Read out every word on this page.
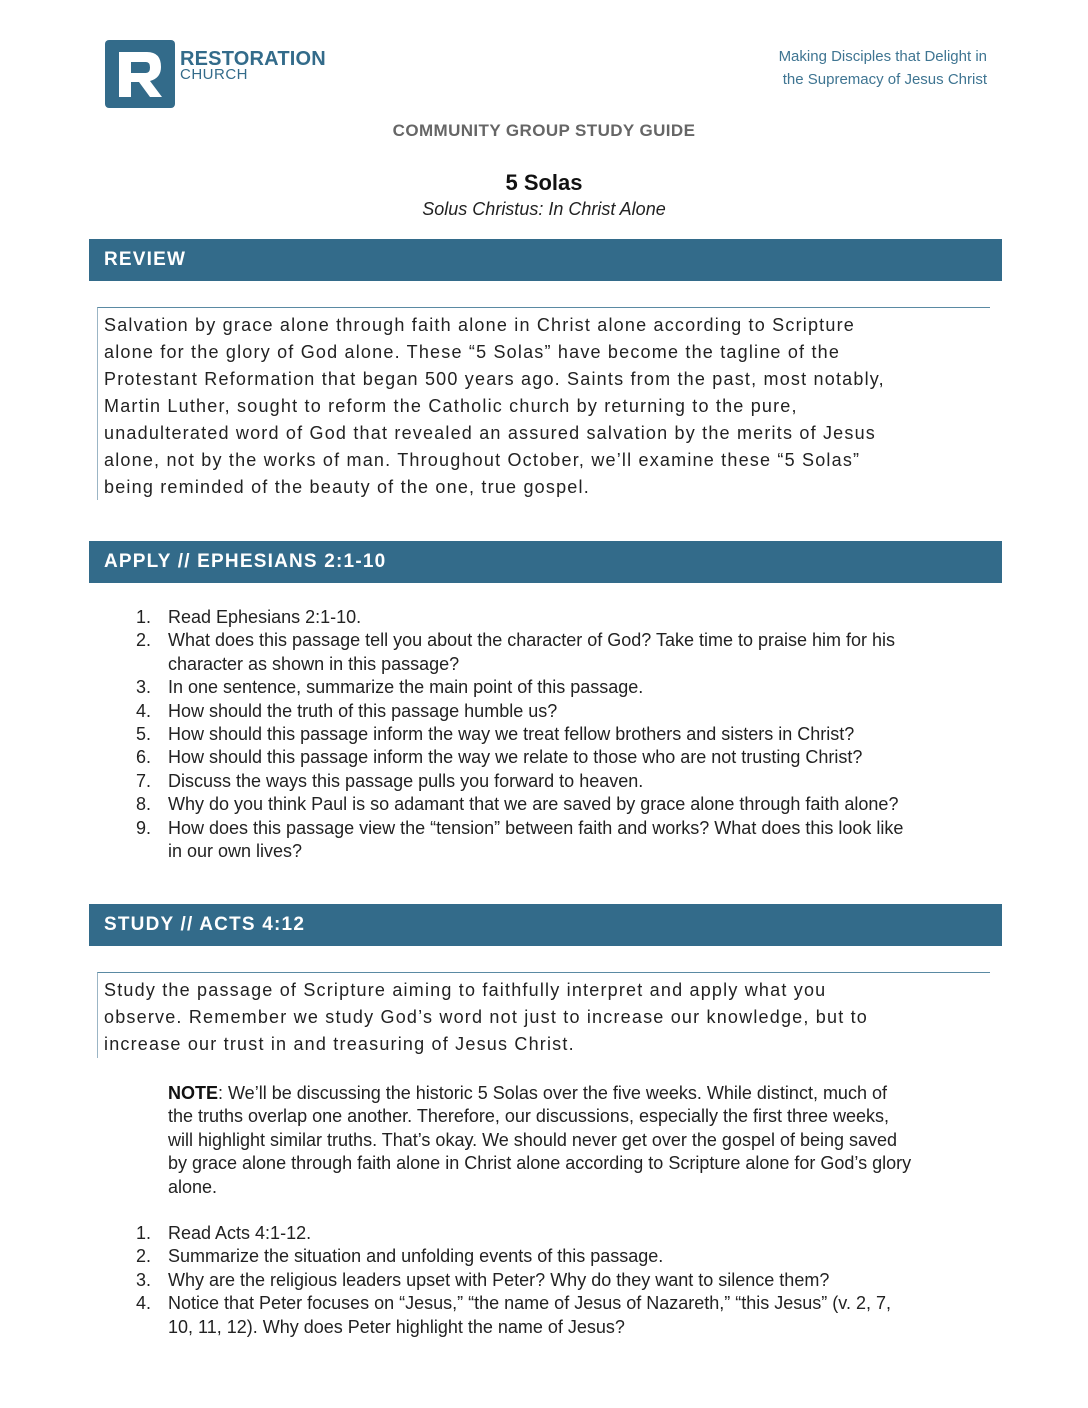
RESTORATION
CHURCH
Making Disciples that Delight in
the Supremacy of Jesus Christ
COMMUNITY GROUP STUDY GUIDE
5 Solas
Solus Christus: In Christ Alone
REVIEW
Salvation by grace alone through faith alone in Christ alone according to Scripture
alone for the glory of God alone. These “5 Solas” have become the tagline of the
Protestant Reformation that began 500 years ago. Saints from the past, most notably,
Martin Luther, sought to reform the Catholic church by returning to the pure,
unadulterated word of God that revealed an assured salvation by the merits of Jesus
alone, not by the works of man. Throughout October, we’ll examine these “5 Solas”
being reminded of the beauty of the one, true gospel.
APPLY // EPHESIANS 2:1-10
1. Read Ephesians 2:1-10.
2. What does this passage tell you about the character of God? Take time to praise him for his
character as shown in this passage?
3. In one sentence, summarize the main point of this passage.
4. How should the truth of this passage humble us?
5. How should this passage inform the way we treat fellow brothers and sisters in Christ?
6. How should this passage inform the way we relate to those who are not trusting Christ?
7. Discuss the ways this passage pulls you forward to heaven.
8. Why do you think Paul is so adamant that we are saved by grace alone through faith alone?
9. How does this passage view the “tension” between faith and works? What does this look like
in our own lives?
STUDY // ACTS 4:12
Study the passage of Scripture aiming to faithfully interpret and apply what you
observe. Remember we study God’s word not just to increase our knowledge, but to
increase our trust in and treasuring of Jesus Christ.
NOTE: We’ll be discussing the historic 5 Solas over the five weeks. While distinct, much of
the truths overlap one another. Therefore, our discussions, especially the first three weeks,
will highlight similar truths. That’s okay. We should never get over the gospel of being saved
by grace alone through faith alone in Christ alone according to Scripture alone for God’s glory
alone.
1. Read Acts 4:1-12.
2. Summarize the situation and unfolding events of this passage.
3. Why are the religious leaders upset with Peter? Why do they want to silence them?
4. Notice that Peter focuses on “Jesus,” “the name of Jesus of Nazareth,” “this Jesus” (v. 2, 7,
10, 11, 12). Why does Peter highlight the name of Jesus?
